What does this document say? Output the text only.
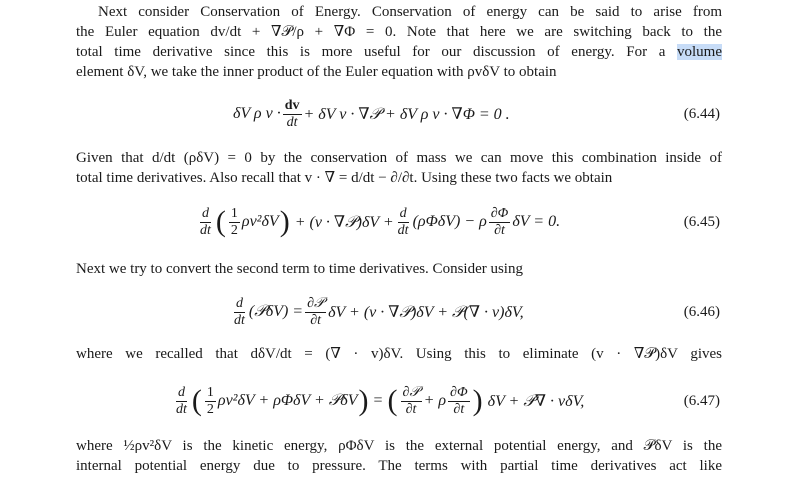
Next consider Conservation of Energy. Conservation of energy can be said to arise from
the Euler equation dv/dt + ∇𝒫/ρ + ∇Φ = 0. Note that here we are switching back to the
total time derivative since this is more useful for our discussion of energy. For a volume
element δV, we take the inner product of the Euler equation with ρvδV to obtain
δV ρ $v \cdot \frac{dv}{dt} + \delta V$ v · ∇𝒫 + δV ρ v · ∇Φ = 0 .	(6.44)
Given that d/dt (ρδV) = 0 by the conservation of mass we can move this combination inside of
total time derivatives. Also recall that v · ∇ = d/dt − ∂/∂t. Using these two facts we obtain
$\frac{d}{dt}$ ( $\frac{1}{2} \rho v^2\delta V$ ) + (v · ∇𝒫)δV + $\frac{d}{dt} (\rho\Phi\delta V) - \rho \frac{\partial\Phi}{\partial t}$ δV = 0.	(6.45)
Next we try to convert the second term to time derivatives. Consider using
$\frac{d}{dt}$ (𝒫δV) = $\frac{\text{∂𝒫}}{\partial t}$ δV + (v · ∇𝒫)δV + 𝒫(∇ · v)δV,	(6.46)
where we recalled that dδV/dt = (∇ · v)δV. Using this to eliminate (v · ∇𝒫)δV gives
$\frac{d}{dt}$ ( $\frac{1}{2} \rho v^2\delta V + \rho\Phi\delta V$ + 𝒫δV ) = ( $\frac{\text{∂𝒫}}{\partial t} + \rho \frac{\partial\Phi}{\partial t}$ ) δV + 𝒫∇ · vδV,	(6.47)
where ½ρv²δV is the kinetic energy, ρΦδV is the external potential energy, and 𝒫δV is the
internal potential energy due to pressure. The terms with partial time derivatives act like
